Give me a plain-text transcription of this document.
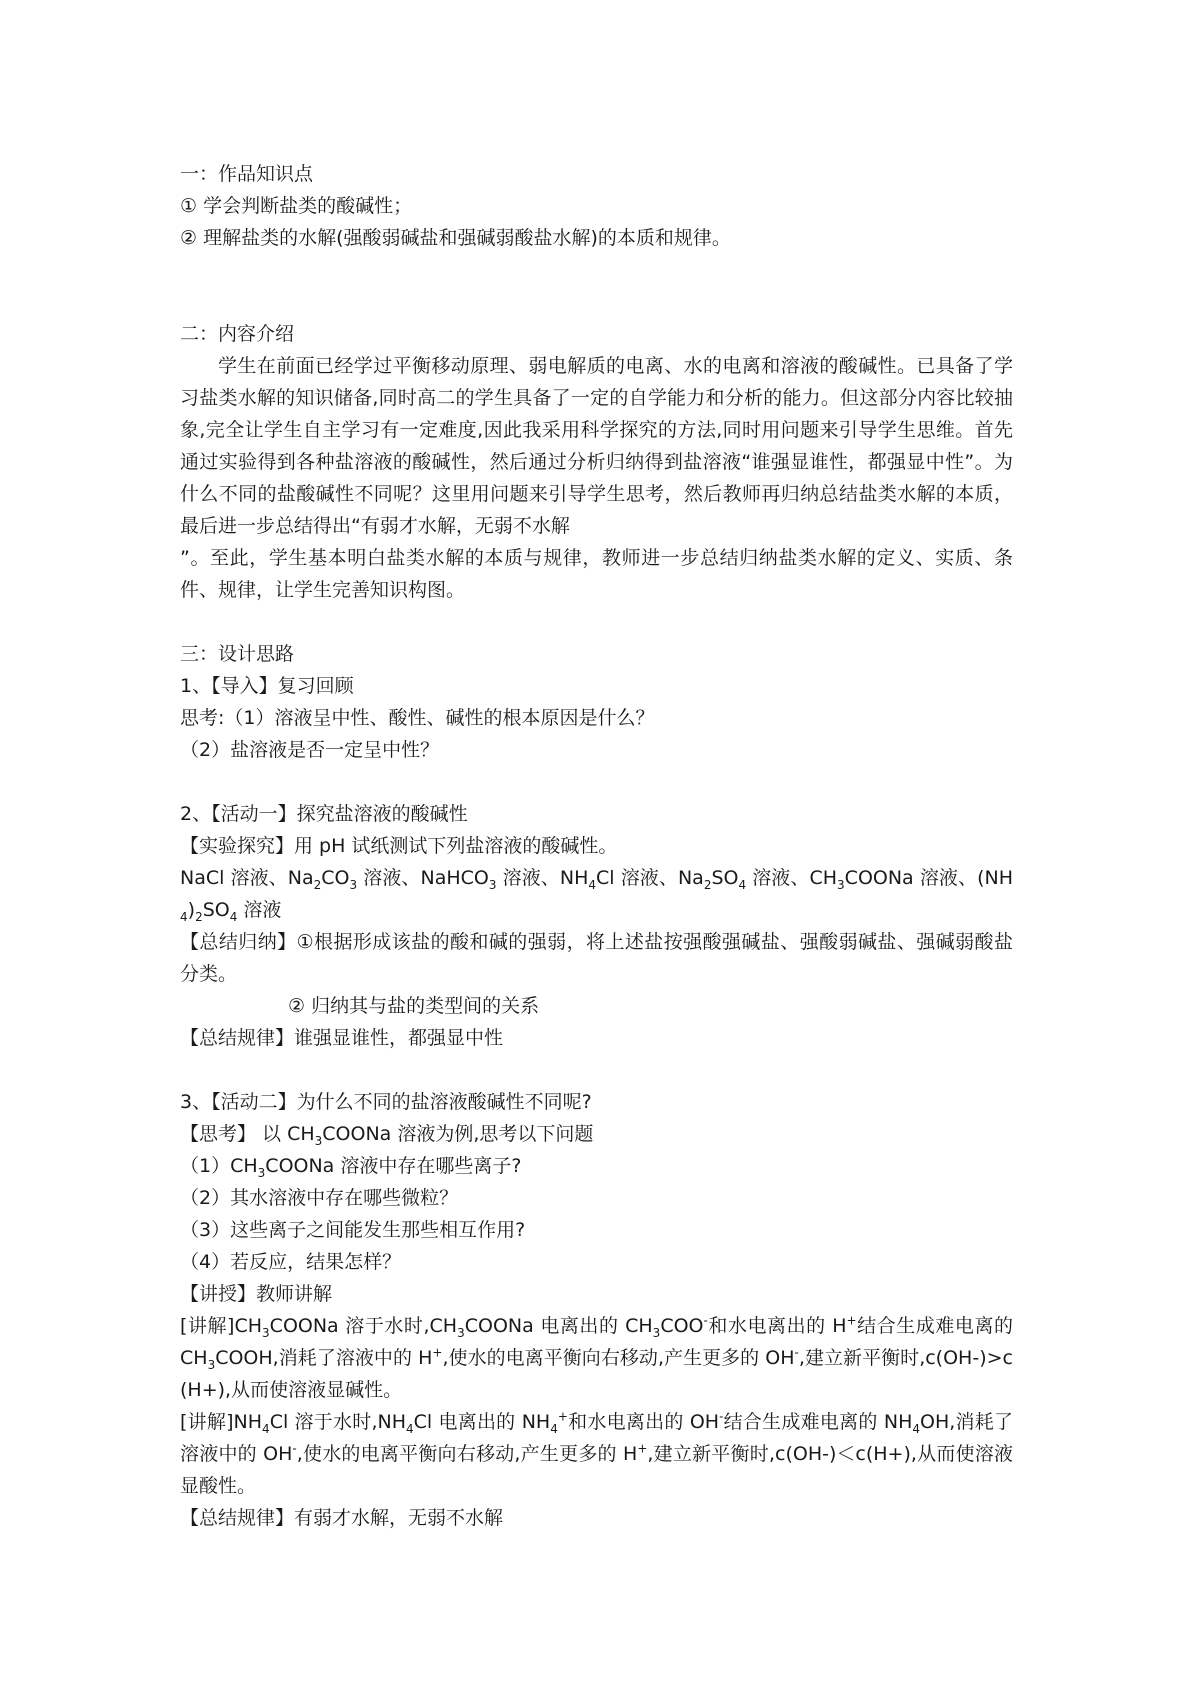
一：作品知识点

① 学会判断盐类的酸碱性；

② 理解盐类的水解(强酸弱碱盐和强碱弱酸盐水解)的本质和规律。

二：内容介绍

学生在前面已经学过平衡移动原理、弱电解质的电离、水的电离和溶液的酸碱性。已具备了学习盐类水解的知识储备,同时高二的学生具备了一定的自学能力和分析的能力。但这部分内容比较抽象,完全让学生自主学习有一定难度,因此我采用科学探究的方法,同时用问题来引导学生思维。首先通过实验得到各种盐溶液的酸碱性，然后通过分析归纳得到盐溶液“谁强显谁性，都强显中性”。为什么不同的盐酸碱性不同呢？这里用问题来引导学生思考，然后教师再归纳总结盐类水解的本质，最后进一步总结得出“有弱才水解，无弱不水解

”。至此，学生基本明白盐类水解的本质与规律，教师进一步总结归纳盐类水解的定义、实质、条件、规律，让学生完善知识构图。

三：设计思路

1、【导入】复习回顾

思考:（1）溶液呈中性、酸性、碱性的根本原因是什么？

（2）盐溶液是否一定呈中性？

2、【活动一】探究盐溶液的酸碱性

【实验探究】用 pH 试纸测试下列盐溶液的酸碱性。

NaCl 溶液、$Na_2CO_3$ 溶液、NaHCO$_3$ 溶液、$NH_4Cl$ 溶液、$Na_2SO_4$ 溶液、$CH_3COONa$ 溶液、$(NH_4)_2SO_4$ 溶液

【总结归纳】①根据形成该盐的酸和碱的强弱，将上述盐按强酸强碱盐、强酸弱碱盐、强碱弱酸盐分类。

② 归纳其与盐的类型间的关系

【总结规律】谁强显谁性，都强显中性

3、【活动二】为什么不同的盐溶液酸碱性不同呢?

【思考】 以 $CH_3COONa$ 溶液为例,思考以下问题

$(1)CH_3COONa$ 溶液中存在哪些离子?

（2）其水溶液中存在哪些微粒？

（3）这些离子之间能发生那些相互作用?

（4）若反应，结果怎样？

【讲授】教师讲解

[讲解]$CH_3COONa$ 溶于水时$,CH_3COONa$ 电离出的 $CH_3COO^-$和水电离出的 H+结合生成难电离的 $CH_3COOH$,消耗了溶液中的 H+,使水的电离平衡向右移动,产生更多的 OH-,建立新平衡时,c(OH-)>c(H+),从而使溶液显碱性。

[讲解]$NH_4Cl$ 溶于水时$,NH_4Cl$ 电离出的 $NH_4^+$和水电离出的 OH-结合生成难电离的 $NH_4OH$,消耗了溶液中的 OH-,使水的电离平衡向右移动,产生更多的 H+,建立新平衡时,c(OH-)＜c(H+),从而使溶液显酸性。

【总结规律】有弱才水解，无弱不水解
